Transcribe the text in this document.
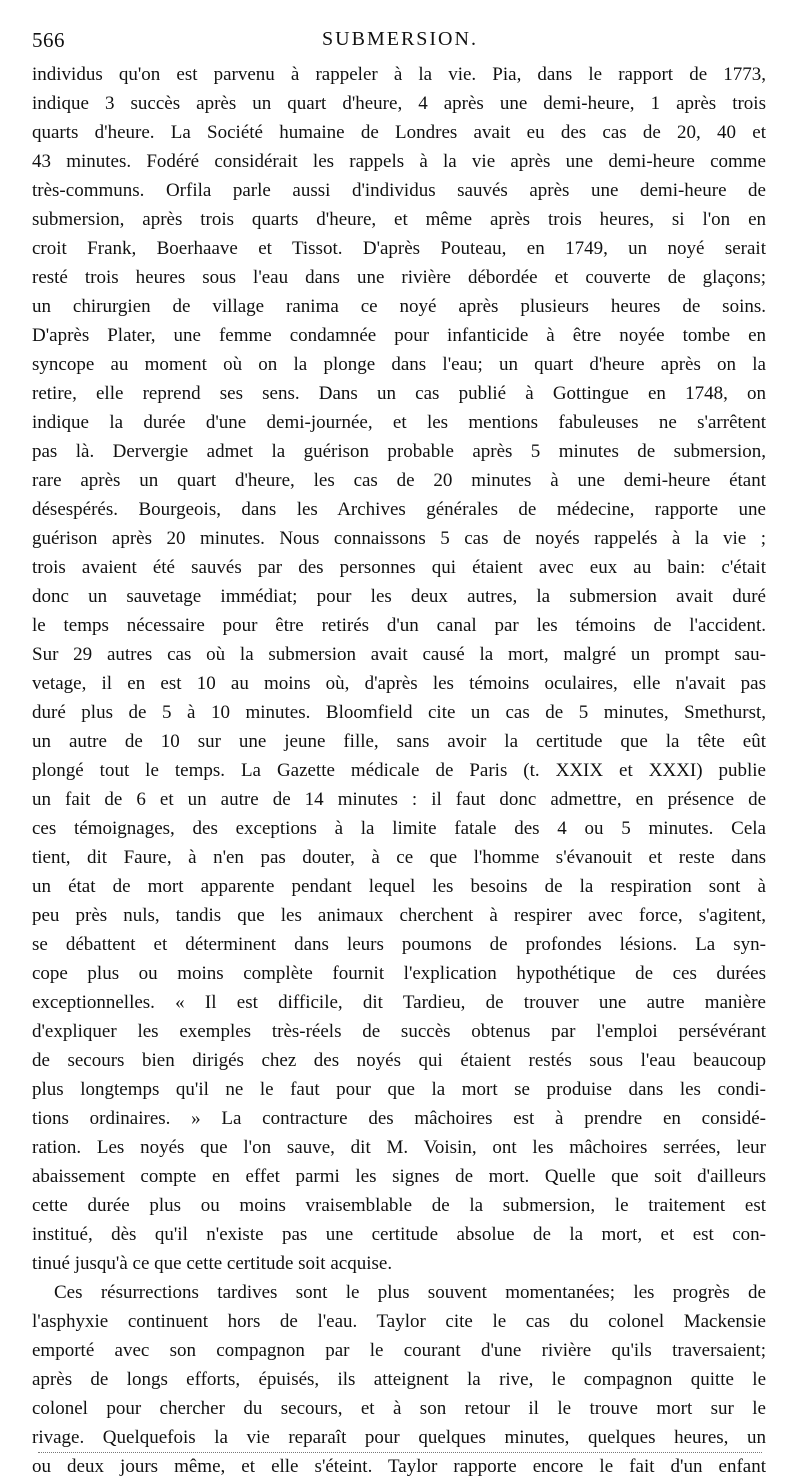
566	SUBMERSION.
individus qu'on est parvenu à rappeler à la vie. Pia, dans le rapport de 1773,
indique 3 succès après un quart d'heure, 4 après une demi-heure, 1 après trois
quarts d'heure. La Société humaine de Londres avait eu des cas de 20, 40 et
43 minutes. Fodéré considérait les rappels à la vie après une demi-heure comme
très-communs. Orfila parle aussi d'individus sauvés après une demi-heure de
submersion, après trois quarts d'heure, et même après trois heures, si l'on en
croit Frank, Boerhaave et Tissot. D'après Pouteau, en 1749, un noyé serait
resté trois heures sous l'eau dans une rivière débordée et couverte de glaçons;
un chirurgien de village ranima ce noyé après plusieurs heures de soins.
D'après Plater, une femme condamnée pour infanticide à être noyée tombe en
syncope au moment où on la plonge dans l'eau; un quart d'heure après on la
retire, elle reprend ses sens. Dans un cas publié à Gottingue en 1748, on
indique la durée d'une demi-journée, et les mentions fabuleuses ne s'arrêtent
pas là. Dervergie admet la guérison probable après 5 minutes de submersion,
rare après un quart d'heure, les cas de 20 minutes à une demi-heure étant
désespérés. Bourgeois, dans les Archives générales de médecine, rapporte une
guérison après 20 minutes. Nous connaissons 5 cas de noyés rappelés à la vie ;
trois avaient été sauvés par des personnes qui étaient avec eux au bain: c'était
donc un sauvetage immédiat; pour les deux autres, la submersion avait duré
le temps nécessaire pour être retirés d'un canal par les témoins de l'accident.
Sur 29 autres cas où la submersion avait causé la mort, malgré un prompt sau-
vetage, il en est 10 au moins où, d'après les témoins oculaires, elle n'avait pas
duré plus de 5 à 10 minutes. Bloomfield cite un cas de 5 minutes, Smethurst,
un autre de 10 sur une jeune fille, sans avoir la certitude que la tête eût
plongé tout le temps. La Gazette médicale de Paris (t. XXIX et XXXI) publie
un fait de 6 et un autre de 14 minutes : il faut donc admettre, en présence de
ces témoignages, des exceptions à la limite fatale des 4 ou 5 minutes. Cela
tient, dit Faure, à n'en pas douter, à ce que l'homme s'évanouit et reste dans
un état de mort apparente pendant lequel les besoins de la respiration sont à
peu près nuls, tandis que les animaux cherchent à respirer avec force, s'agitent,
se débattent et déterminent dans leurs poumons de profondes lésions. La syn-
cope plus ou moins complète fournit l'explication hypothétique de ces durées
exceptionnelles. « Il est difficile, dit Tardieu, de trouver une autre manière
d'expliquer les exemples très-réels de succès obtenus par l'emploi persévérant
de secours bien dirigés chez des noyés qui étaient restés sous l'eau beaucoup
plus longtemps qu'il ne le faut pour que la mort se produise dans les condi-
tions ordinaires. » La contracture des mâchoires est à prendre en considé-
ration. Les noyés que l'on sauve, dit M. Voisin, ont les mâchoires serrées, leur
abaissement compte en effet parmi les signes de mort. Quelle que soit d'ailleurs
cette durée plus ou moins vraisemblable de la submersion, le traitement est
institué, dès qu'il n'existe pas une certitude absolue de la mort, et est con-
tinué jusqu'à ce que cette certitude soit acquise.
Ces résurrections tardives sont le plus souvent momentanées; les progrès de
l'asphyxie continuent hors de l'eau. Taylor cite le cas du colonel Mackensie
emporté avec son compagnon par le courant d'une rivière qu'ils traversaient;
après de longs efforts, épuisés, ils atteignent la rive, le compagnon quitte le
colonel pour chercher du secours, et à son retour il le trouve mort sur le
rivage. Quelquefois la vie reparaît pour quelques minutes, quelques heures, un
ou deux jours même, et elle s'éteint. Taylor rapporte encore le fait d'un enfant
